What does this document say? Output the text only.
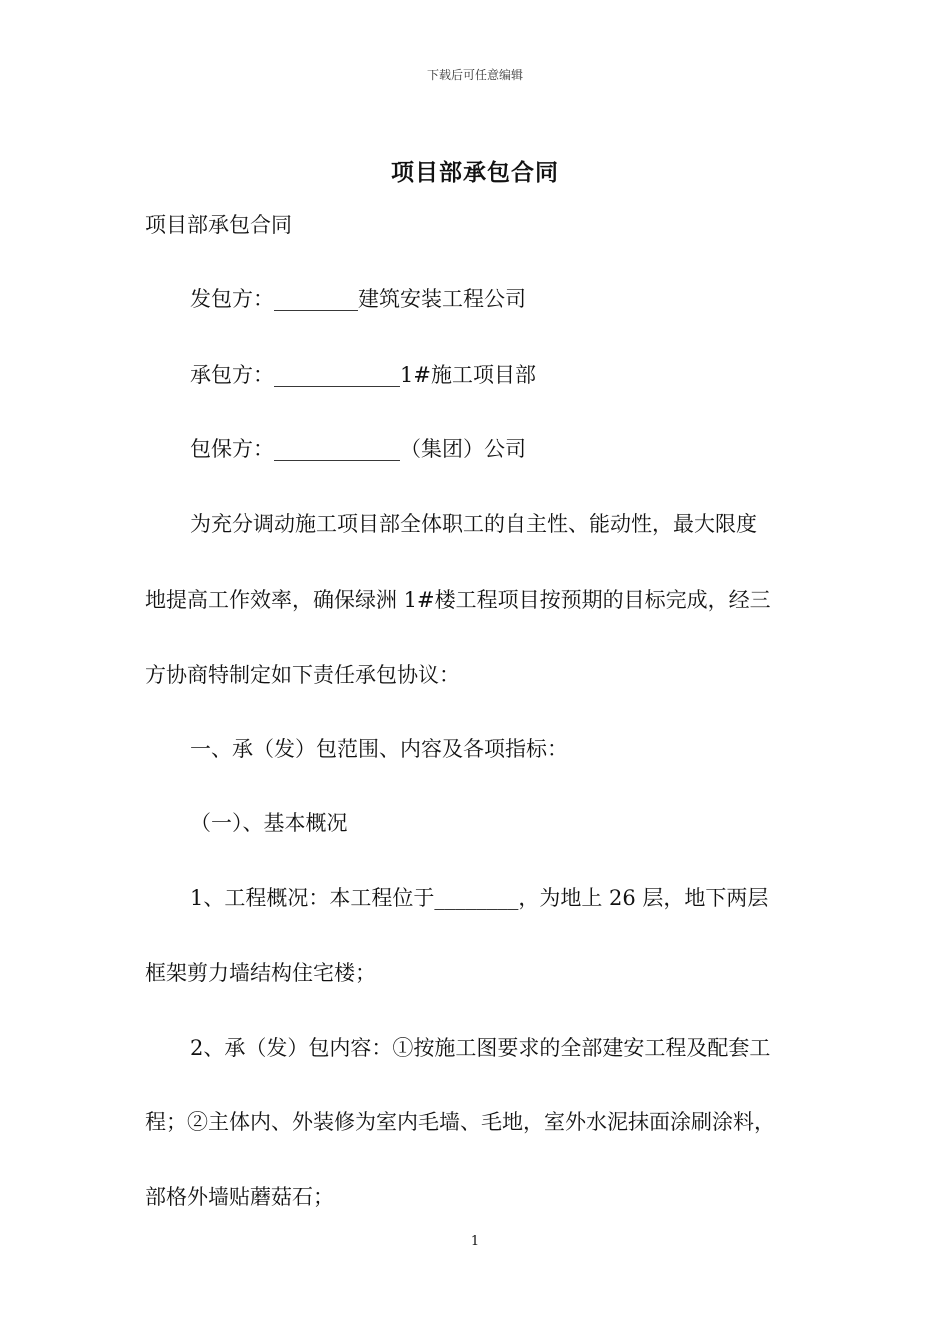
下载后可任意编辑
项目部承包合同
项目部承包合同
发包方：________建筑安装工程公司
承包方：____________1#施工项目部
包保方：____________（集团）公司
为充分调动施工项目部全体职工的自主性、能动性，最大限度
地提高工作效率，确保绿洲 1#楼工程项目按预期的目标完成，经三
方协商特制定如下责任承包协议：
一、承（发）包范围、内容及各项指标：
（一）、基本概况
1、工程概况：本工程位于________，为地上 26 层，地下两层
框架剪力墙结构住宅楼；
2、承（发）包内容：①按施工图要求的全部建安工程及配套工
程；②主体内、外装修为室内毛墙、毛地，室外水泥抹面涂刷涂料，
部格外墙贴蘑菇石；
1
